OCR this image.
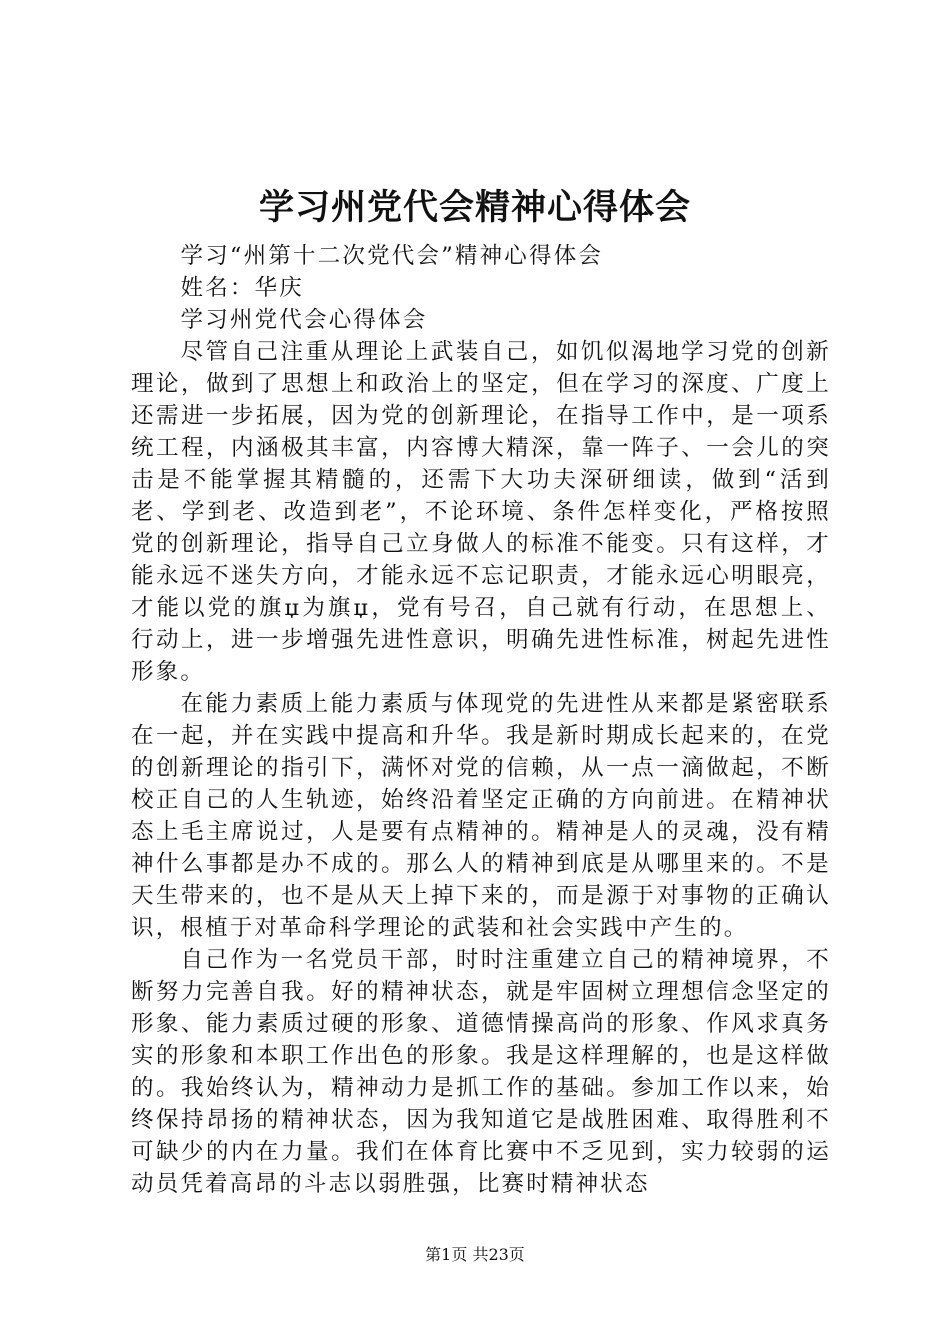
学习州党代会精神心得体会

学习“州第十二次党代会”精神心得体会

姓名：华庆

学习州党代会心得体会

尽管自己注重从理论上武装自己，如饥似渴地学习党的创新理论，做到了思想上和政治上的坚定，但在学习的深度、广度上还需进一步拓展，因为党的创新理论，在指导工作中，是一项系统工程，内涵极其丰富，内容博大精深，靠一阵子、一会儿的突击是不能掌握其精髓的，还需下大功夫深研细读，做到“活到老、学到老、改造到老”，不论环境、条件怎样变化，严格按照党的创新理论，指导自己立身做人的标准不能变。只有这样，才能永远不迷失方向，才能永远不忘记职责，才能永远心明眼亮，才能以党的旗џ为旗џ，党有号召，自己就有行动，在思想上、行动上，进一步增强先进性意识，明确先进性标准，树起先进性形象。

在能力素质上能力素质与体现党的先进性从来都是紧密联系在一起，并在实践中提高和升华。我是新时期成长起来的，在党的创新理论的指引下，满怀对党的信赖，从一点一滴做起，不断校正自己的人生轨迹，始终沿着坚定正确的方向前进。在精神状态上毛主席说过，人是要有点精神的。精神是人的灵魂，没有精神什么事都是办不成的。那么人的精神到底是从哪里来的。不是天生带来的，也不是从天上掉下来的，而是源于对事物的正确认识，根植于对革命科学理论的武装和社会实践中产生的。

自己作为一名党员干部，时时注重建立自己的精神境界，不断努力完善自我。好的精神状态，就是牢固树立理想信念坚定的形象、能力素质过硬的形象、道德情操高尚的形象、作风求真务实的形象和本职工作出色的形象。我是这样理解的，也是这样做的。我始终认为，精神动力是抓工作的基础。参加工作以来，始终保持昂扬的精神状态，因为我知道它是战胜困难、取得胜利不可缺少的内在力量。我们在体育比赛中不乏见到，实力较弱的运动员凭着高昂的斗志以弱胜强，比赛时精神状态

第1页 共23页
